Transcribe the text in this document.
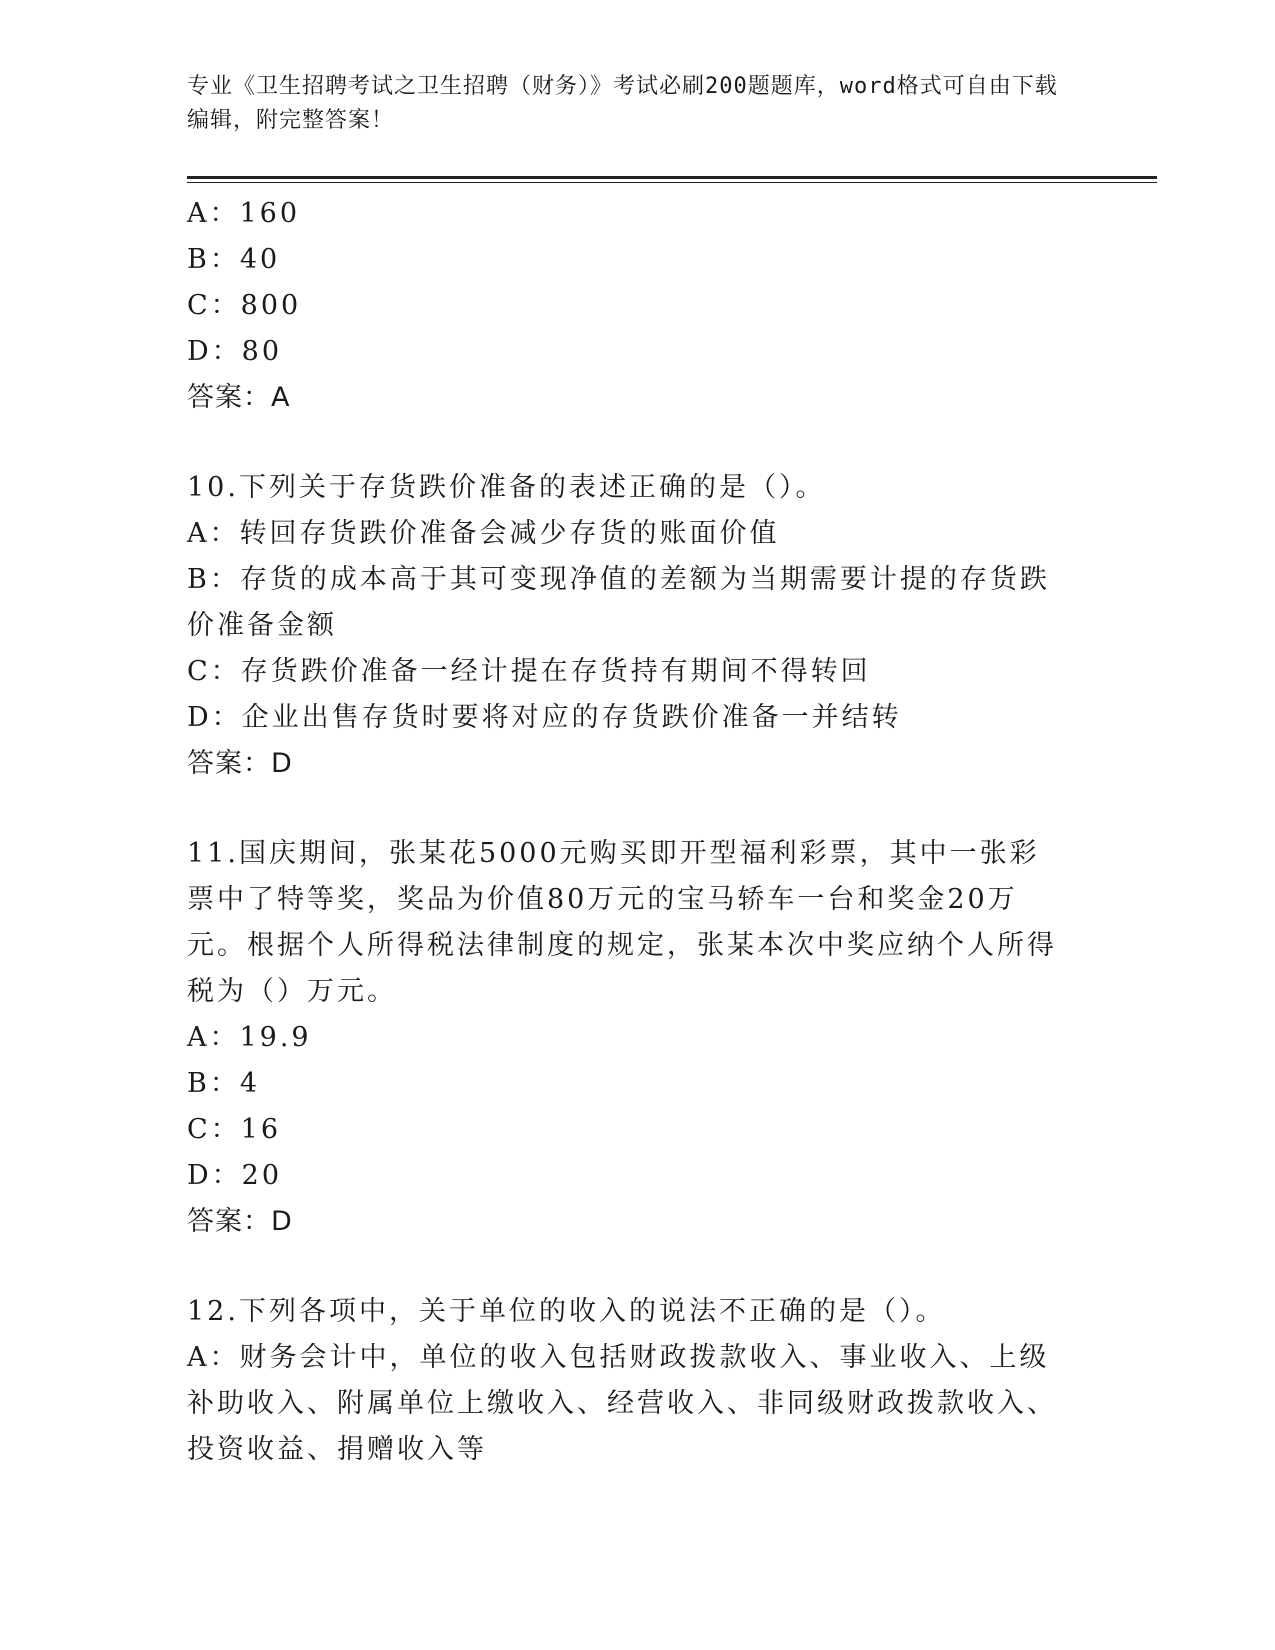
专业《卫生招聘考试之卫生招聘（财务）》考试必刷200题题库，word格式可自由下载编辑，附完整答案！

A：160

B：40

C：800

D：80

答案：A

10.下列关于存货跌价准备的表述正确的是（）。

A：转回存货跌价准备会减少存货的账面价值

B：存货的成本高于其可变现净值的差额为当期需要计提的存货跌价准备金额

C：存货跌价准备一经计提在存货持有期间不得转回

D：企业出售存货时要将对应的存货跌价准备一并结转

答案：D

11.国庆期间，张某花5000元购买即开型福利彩票，其中一张彩票中了特等奖，奖品为价值80万元的宝马轿车一台和奖金20万元。根据个人所得税法律制度的规定，张某本次中奖应纳个人所得税为（）万元。

A：19.9

B：4

C：16

D：20

答案：D

12.下列各项中，关于单位的收入的说法不正确的是（）。

A：财务会计中，单位的收入包括财政拨款收入、事业收入、上级补助收入、附属单位上缴收入、经营收入、非同级财政拨款收入、投资收益、捐赠收入等
